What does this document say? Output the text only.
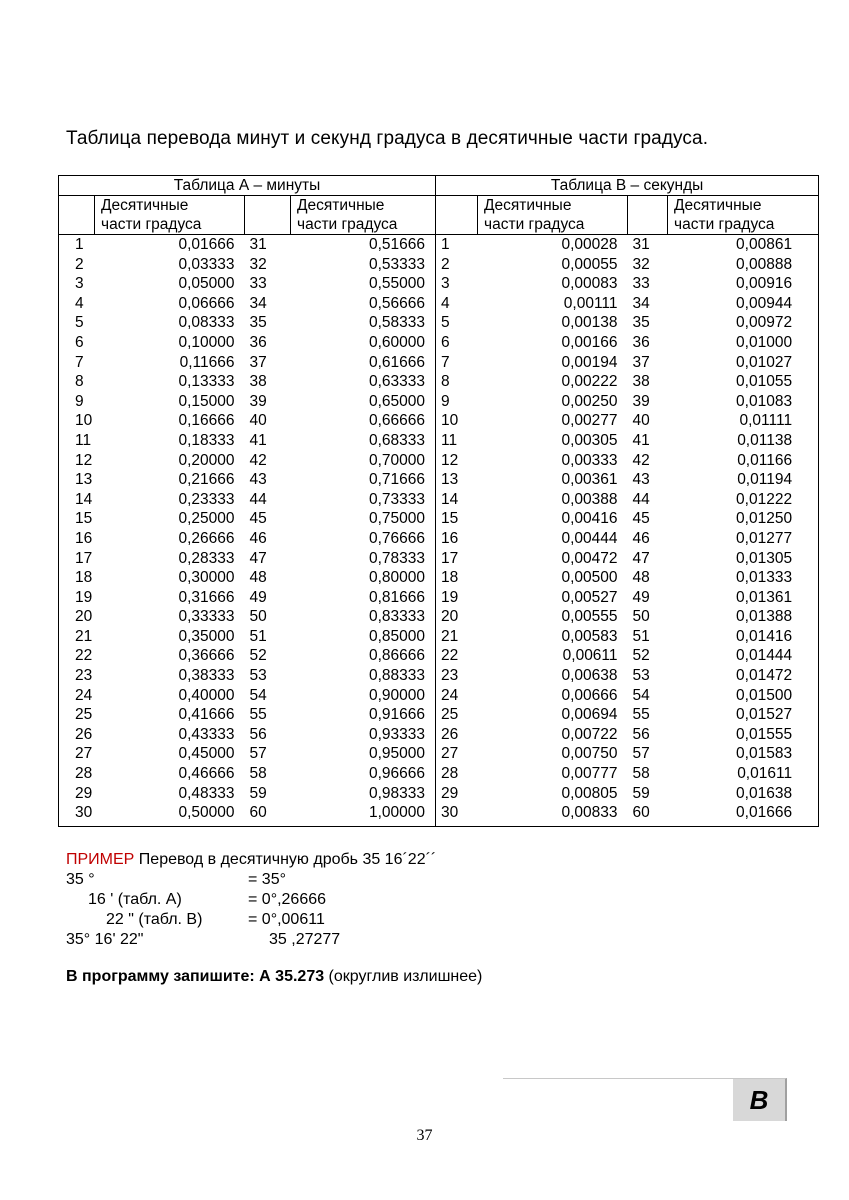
Таблица перевода минут и секунд градуса в десятичные части градуса.
Таблица А – минуты				Таблица В – секунды			
	Десятичные
части градуса		Десятичные
части градуса		Десятичные
части градуса		Десятичные
части градуса
1	0,01666	31	0,51666	1	0,00028	31	0,00861
2	0,03333	32	0,53333	2	0,00055	32	0,00888
3	0,05000	33	0,55000	3	0,00083	33	0,00916
4	0,06666	34	0,56666	4	0,00111	34	0,00944
5	0,08333	35	0,58333	5	0,00138	35	0,00972
6	0,10000	36	0,60000	6	0,00166	36	0,01000
7	0,11666	37	0,61666	7	0,00194	37	0,01027
8	0,13333	38	0,63333	8	0,00222	38	0,01055
9	0,15000	39	0,65000	9	0,00250	39	0,01083
10	0,16666	40	0,66666	10	0,00277	40	0,01111
11	0,18333	41	0,68333	11	0,00305	41	0,01138
12	0,20000	42	0,70000	12	0,00333	42	0,01166
13	0,21666	43	0,71666	13	0,00361	43	0,01194
14	0,23333	44	0,73333	14	0,00388	44	0,01222
15	0,25000	45	0,75000	15	0,00416	45	0,01250
16	0,26666	46	0,76666	16	0,00444	46	0,01277
17	0,28333	47	0,78333	17	0,00472	47	0,01305
18	0,30000	48	0,80000	18	0,00500	48	0,01333
19	0,31666	49	0,81666	19	0,00527	49	0,01361
20	0,33333	50	0,83333	20	0,00555	50	0,01388
21	0,35000	51	0,85000	21	0,00583	51	0,01416
22	0,36666	52	0,86666	22	0,00611	52	0,01444
23	0,38333	53	0,88333	23	0,00638	53	0,01472
24	0,40000	54	0,90000	24	0,00666	54	0,01500
25	0,41666	55	0,91666	25	0,00694	55	0,01527
26	0,43333	56	0,93333	26	0,00722	56	0,01555
27	0,45000	57	0,95000	27	0,00750	57	0,01583
28	0,46666	58	0,96666	28	0,00777	58	0,01611
29	0,48333	59	0,98333	29	0,00805	59	0,01638
30	0,50000	60	1,00000	30	0,00833	60	0,01666
ПРИМЕР Перевод в десятичную дробь 35 16´22´´
35 °	= 35°
16 ' (табл. А)	= 0°,26666
22 " (табл. В)	= 0°,00611
35° 16' 22"	35 ,27277
В программу запишите: А 35.273 (округлив излишнее)
B
37
